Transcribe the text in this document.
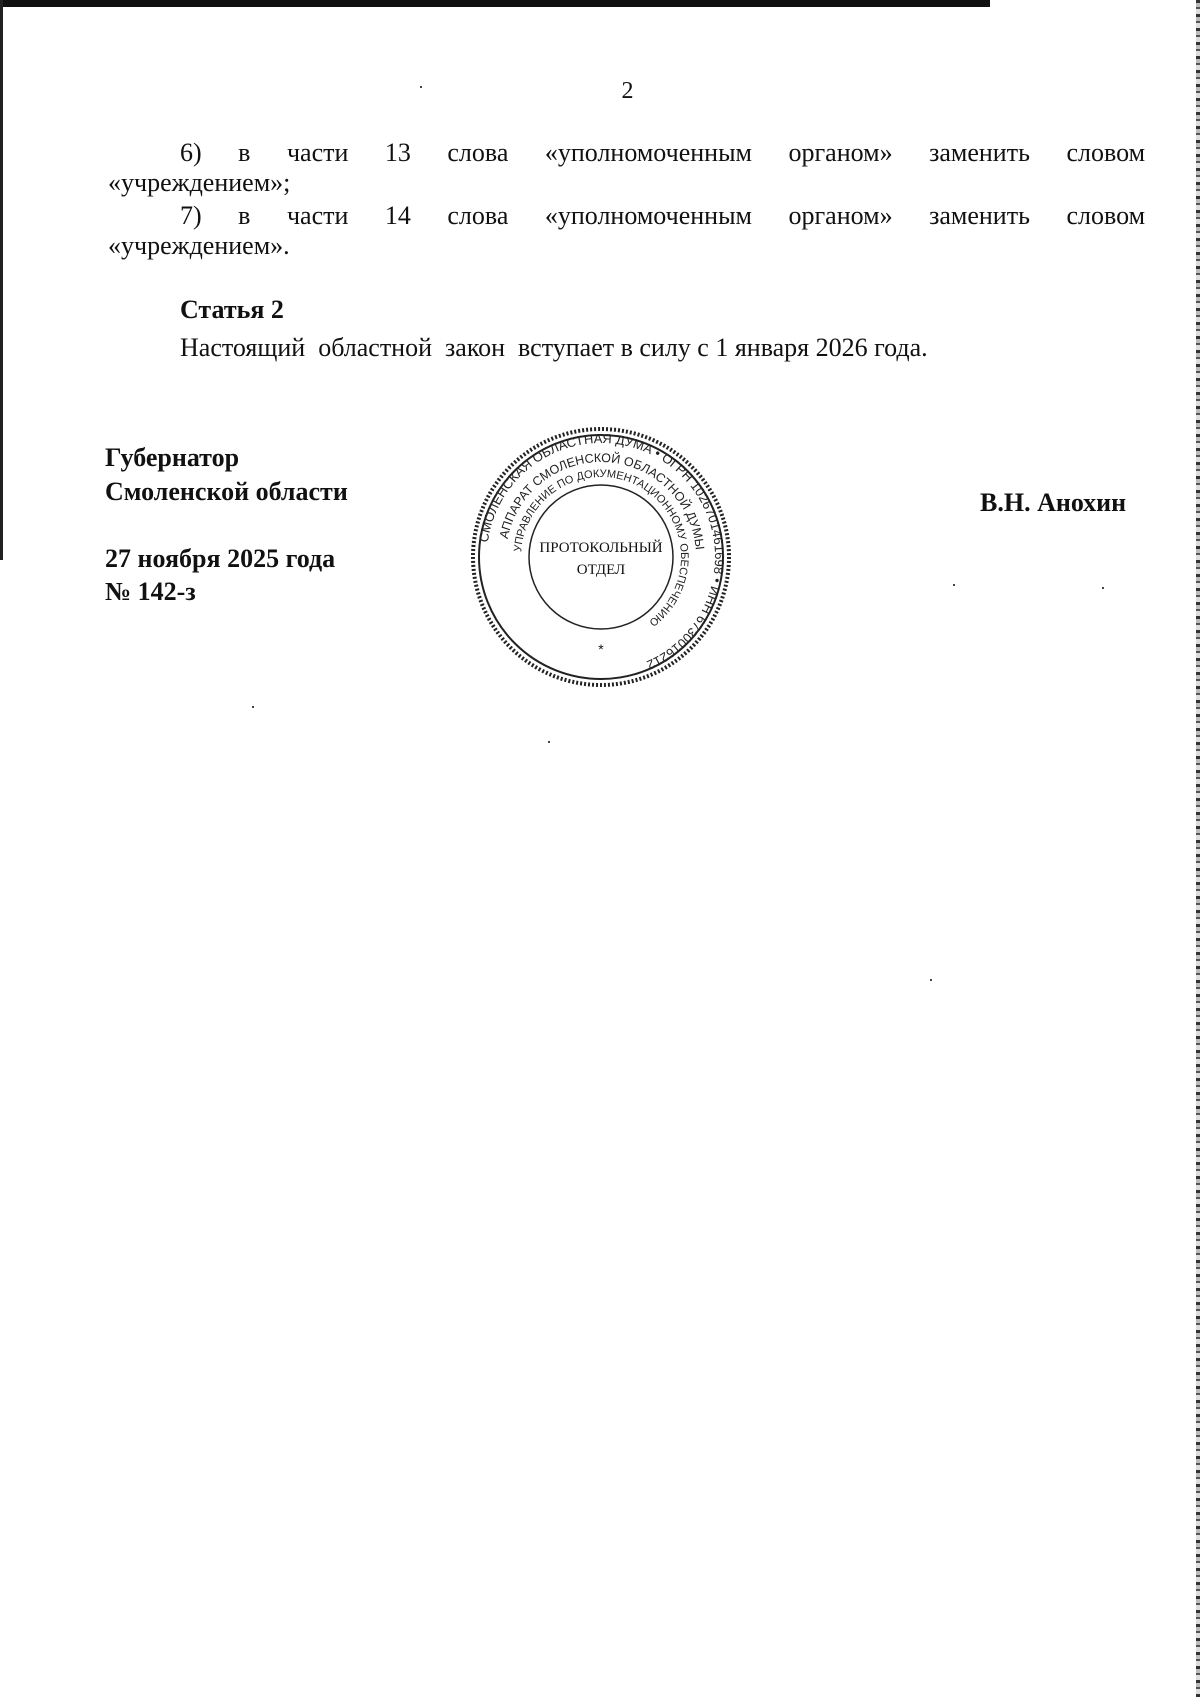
2
6) в части 13 слова «уполномоченным органом» заменить словом
«учреждением»;
7) в части 14 слова «уполномоченным органом» заменить словом
«учреждением».
Статья 2
Настоящий  областной  закон  вступает в силу с 1 января 2026 года.
Губернатор
Смоленской области
27 ноября 2025 года
№ 142-з
В.Н. Анохин
СМОЛЕНСКАЯ ОБЛАСТНАЯ ДУМА • ОГРН 1026701461698 • ИНН 6730016212
АППАРАТ СМОЛЕНСКОЙ ОБЛАСТНОЙ ДУМЫ
УПРАВЛЕНИЕ ПО ДОКУМЕНТАЦИОННОМУ ОБЕСПЕЧЕНИЮ
ПРОТОКОЛЬНЫЙ
ОТДЕЛ
*
